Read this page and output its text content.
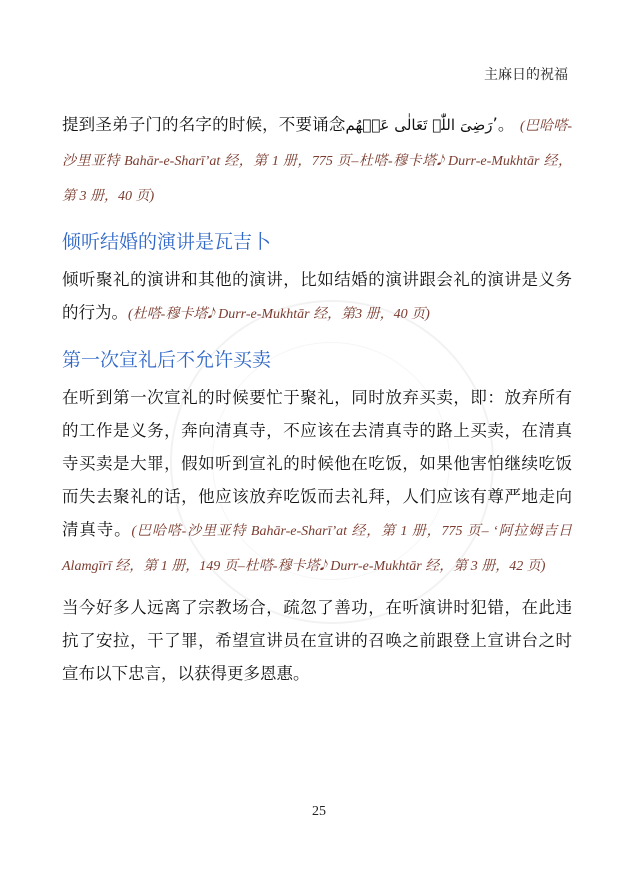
主麻日的祝福

提到圣弟子门的名字的时候，不要诵念رَضِیَ اللّٰہ تَعَالٰی عَنۡهُم’。 (巴哈嗒-沙里亚特 Bahār-e-Sharī’at 经，第 1 册，775 页–杜嗒-穆卡塔𝅘𝅥𝅮 Durr-e-Mukhtār 经，第 3 册，40 页)

倾听结婚的演讲是瓦吉卜

倾听聚礼的演讲和其他的演讲，比如结婚的演讲跟会礼的演讲是义务的行为。(杜嗒-穆卡塔𝅘𝅥𝅮 Durr-e-Mukhtār 经，第3 册，40 页)

第一次宣礼后不允许买卖

在听到第一次宣礼的时候要忙于聚礼，同时放弃买卖，即：放弃所有的工作是义务，奔向清真寺，不应该在去清真寺的路上买卖，在清真寺买卖是大罪，假如听到宣礼的时候他在吃饭，如果他害怕继续吃饭而失去聚礼的话，他应该放弃吃饭而去礼拜，人们应该有尊严地走向清真寺。(巴哈嗒-沙里亚特 Bahār-e-Sharī’at 经，第 1 册，775 页– ‘阿拉姆吉日 Alamgīrī 经，第 1 册，149 页–杜嗒-穆卡塔𝅘𝅥𝅮 Durr-e-Mukhtār 经，第 3 册，42 页)

当今好多人远离了宗教场合，疏忽了善功，在听演讲时犯错，在此违抗了安拉，干了罪，希望宣讲员在宣讲的召唤之前跟登上宣讲台之时宣布以下忠言，以获得更多恩惠。

25
